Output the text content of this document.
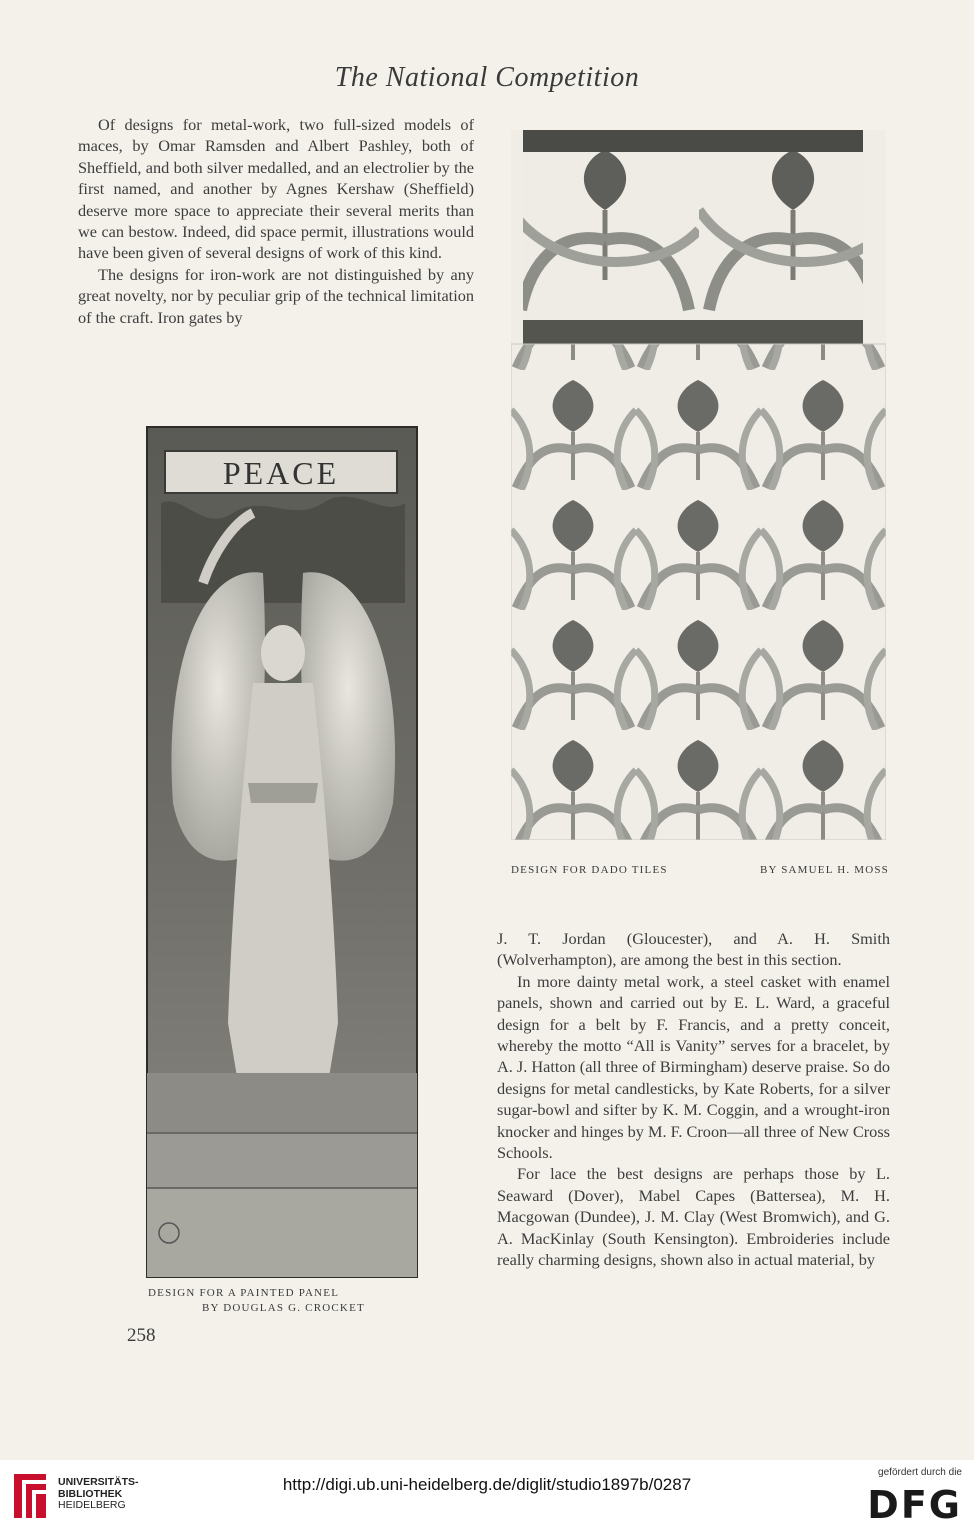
The National Competition

Of designs for metal-work, two full-sized models of maces, by Omar Ramsden and Albert Pashley, both of Sheffield, and both silver medalled, and an electrolier by the first named, and another by Agnes Kershaw (Sheffield) deserve more space to appreciate their several merits than we can bestow. Indeed, did space permit, illustrations would have been given of several designs of work of this kind.

The designs for iron-work are not distinguished by any great novelty, nor by peculiar grip of the technical limitation of the craft. Iron gates by

DESIGN FOR DADO TILES	BY SAMUEL H. MOSS
PEACE
DESIGN FOR A PAINTED PANEL
BY DOUGLAS G. CROCKET
258

J. T. Jordan (Gloucester), and A. H. Smith (Wolverhampton), are among the best in this section.

In more dainty metal work, a steel casket with enamel panels, shown and carried out by E. L. Ward, a graceful design for a belt by F. Francis, and a pretty conceit, whereby the motto “All is Vanity” serves for a bracelet, by A. J. Hatton (all three of Birmingham) deserve praise. So do designs for metal candlesticks, by Kate Roberts, for a silver sugar-bowl and sifter by K. M. Coggin, and a wrought-iron knocker and hinges by M. F. Croon—all three of New Cross Schools.

For lace the best designs are perhaps those by L. Seaward (Dover), Mabel Capes (Battersea), M. H. Macgowan (Dundee), J. M. Clay (West Bromwich), and G. A. MacKinlay (South Kensington). Embroideries include really charming designs, shown also in actual material, by

UNIVERSITÄTS-
BIBLIOTHEK
HEIDELBERG
http://digi.ub.uni-heidelberg.de/diglit/studio1897b/0287
gefördert durch die
DFG
